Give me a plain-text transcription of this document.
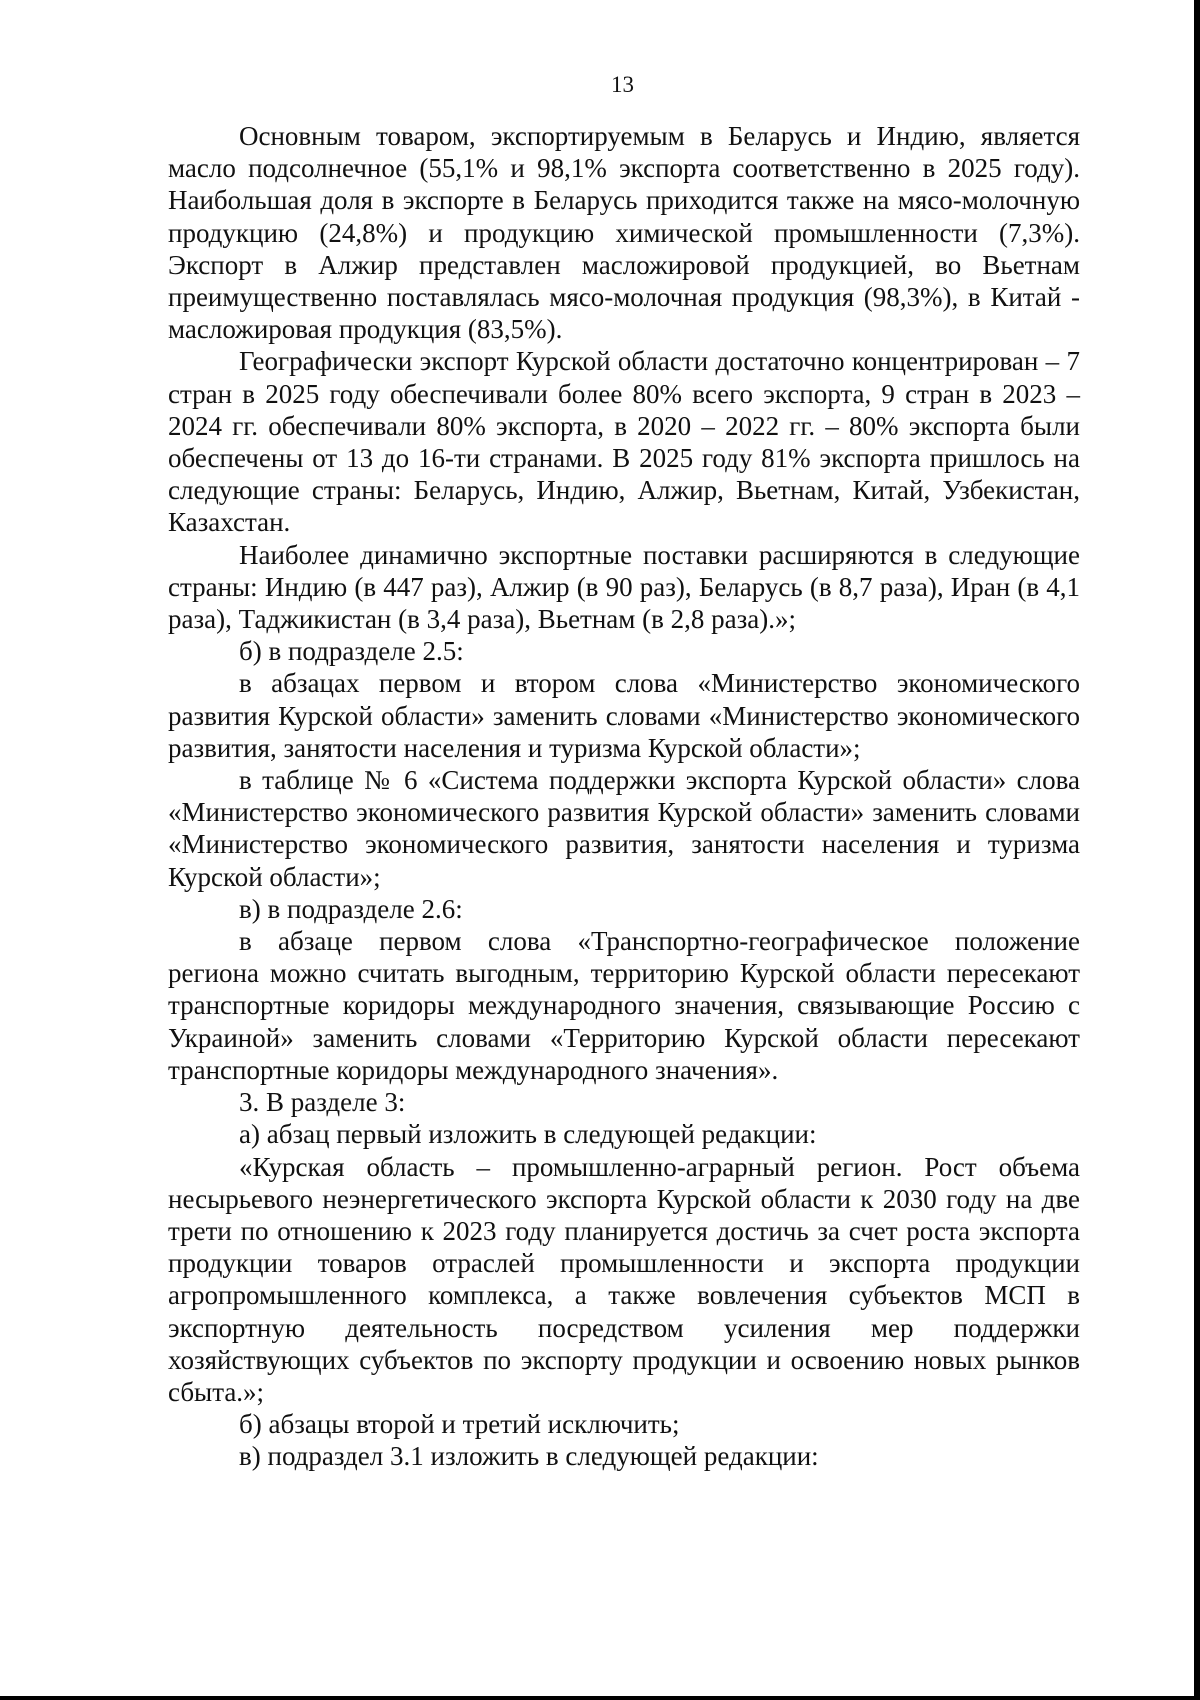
13

Основным товаром, экспортируемым в Беларусь и Индию, является масло подсолнечное (55,1% и 98,1% экспорта соответственно в 2025 году). Наибольшая доля в экспорте в Беларусь приходится также на мясо-молочную продукцию (24,8%) и продукцию химической промышленности (7,3%). Экспорт в Алжир представлен масложировой продукцией, во Вьетнам преимущественно поставлялась мясо-молочная продукция (98,3%), в Китай - масложировая продукция (83,5%).

Географически экспорт Курской области достаточно концентрирован – 7 стран в 2025 году обеспечивали более 80% всего экспорта, 9 стран в 2023 – 2024 гг. обеспечивали 80% экспорта, в 2020 – 2022 гг. – 80% экспорта были обеспечены от 13 до 16-ти странами. В 2025 году 81% экспорта пришлось на следующие страны: Беларусь, Индию, Алжир, Вьетнам, Китай, Узбекистан, Казахстан.

Наиболее динамично экспортные поставки расширяются в следующие страны: Индию (в 447 раз), Алжир (в 90 раз), Беларусь (в 8,7 раза), Иран (в 4,1 раза), Таджикистан (в 3,4 раза), Вьетнам (в 2,8 раза).»;

б) в подразделе 2.5:

в абзацах первом и втором слова «Министерство экономического развития Курской области» заменить словами «Министерство экономического развития, занятости населения и туризма Курской области»;

в таблице № 6 «Система поддержки экспорта Курской области» слова «Министерство экономического развития Курской области» заменить словами «Министерство экономического развития, занятости населения и туризма Курской области»;

в) в подразделе 2.6:

в абзаце первом слова «Транспортно-географическое положение региона можно считать выгодным, территорию Курской области пересекают транспортные коридоры международного значения, связывающие Россию с Украиной» заменить словами «Территорию Курской области пересекают транспортные коридоры международного значения».

3. В разделе 3:

а) абзац первый изложить в следующей редакции:

«Курская область – промышленно-аграрный регион. Рост объема несырьевого неэнергетического экспорта Курской области к 2030 году на две трети по отношению к 2023 году планируется достичь за счет роста экспорта продукции товаров отраслей промышленности и экспорта продукции агропромышленного комплекса, а также вовлечения субъектов МСП в экспортную деятельность посредством усиления мер поддержки хозяйствующих субъектов по экспорту продукции и освоению новых рынков сбыта.»;

б) абзацы второй и третий исключить;

в) подраздел 3.1 изложить в следующей редакции:
